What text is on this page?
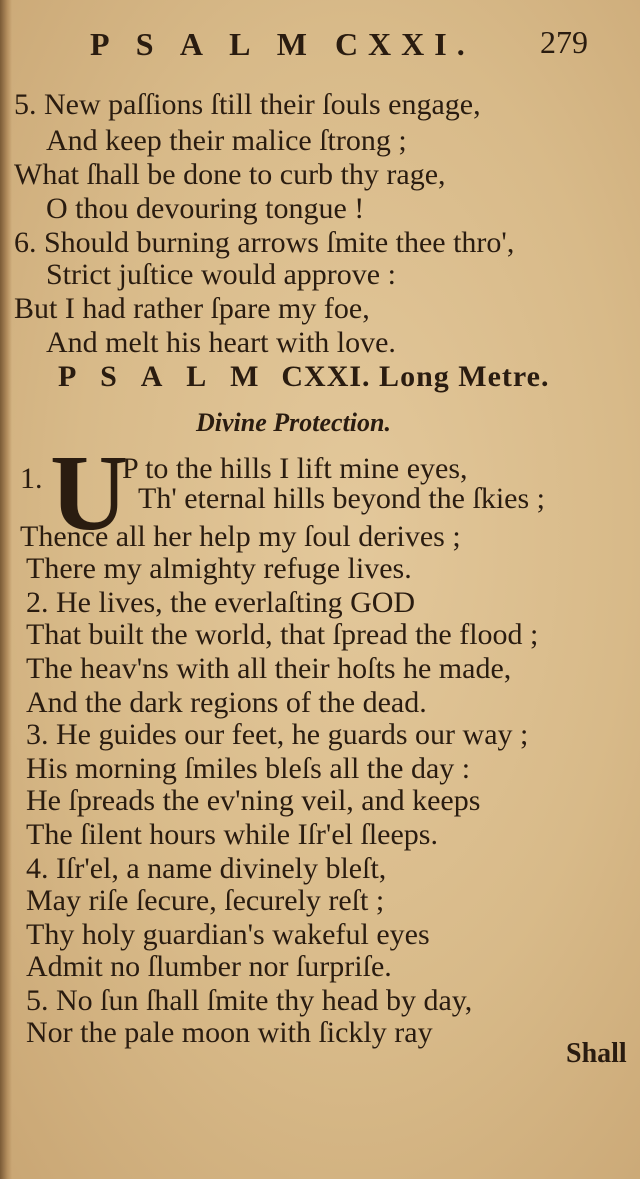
P S A L M CXXI. 279
5. New paſſions ſtill their ſouls engage,
And keep their malice ſtrong ;
What ſhall be done to curb thy rage,
O thou devouring tongue !
6. Should burning arrows ſmite thee thro',
Strict juſtice would approve :
But I had rather ſpare my foe,
And melt his heart with love.
P S A L M CXXI. Long Metre.
Divine Protection.
1. U
P to the hills I lift mine eyes,
Th' eternal hills beyond the ſkies ;
Thence all her help my ſoul derives ;
There my almighty refuge lives.
2. He lives, the everlaſting GOD
That built the world, that ſpread the flood ;
The heav'ns with all their hoſts he made,
And the dark regions of the dead.
3. He guides our feet, he guards our way ;
His morning ſmiles bleſs all the day :
He ſpreads the ev'ning veil, and keeps
The ſilent hours while Iſr'el ſleeps.
4. Iſr'el, a name divinely bleſt,
May riſe ſecure, ſecurely reſt ;
Thy holy guardian's wakeful eyes
Admit no ſlumber nor ſurpriſe.
5. No ſun ſhall ſmite thy head by day,
Nor the pale moon with ſickly ray
Shall
